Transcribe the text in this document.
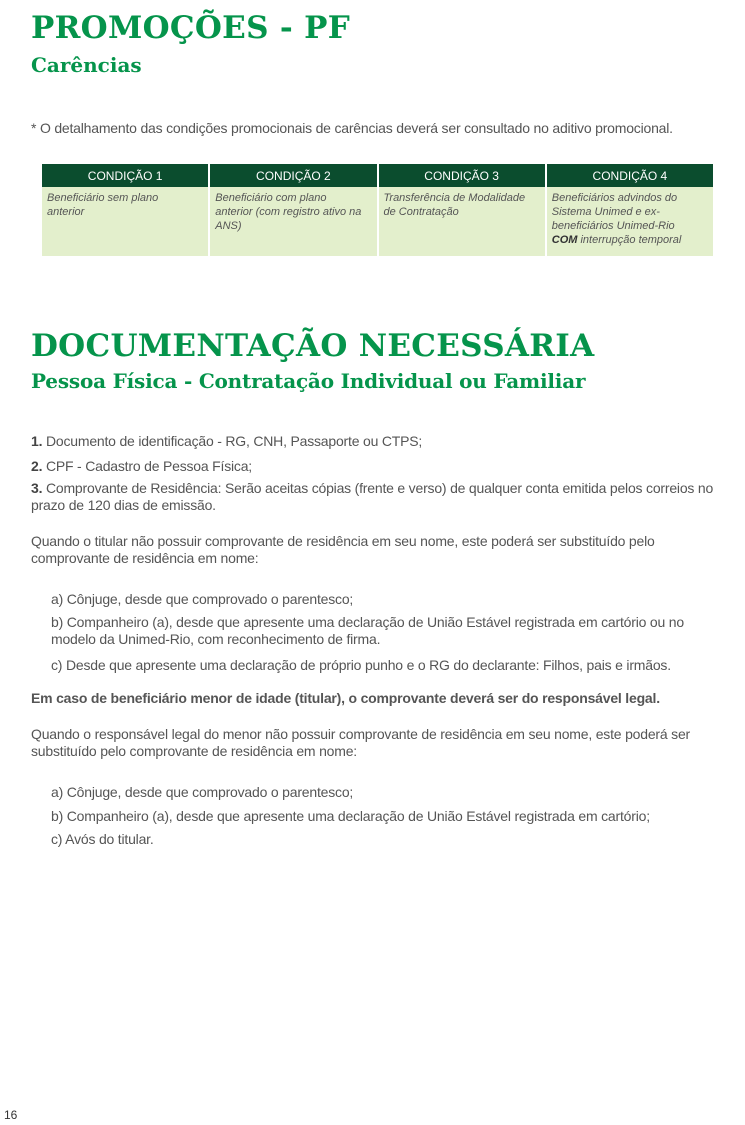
PROMOÇÕES - PF
Carências
* O detalhamento das condições promocionais de carências deverá ser consultado no aditivo promocional.
CONDIÇÃO 1	CONDIÇÃO 2	CONDIÇÃO 3	CONDIÇÃO 4
Beneficiário sem plano anterior	Beneficiário com plano anterior (com registro ativo na ANS)	Transferência de Modalidade de Contratação	Beneficiários advindos do Sistema Unimed e ex-beneficiários Unimed-Rio COM interrupção temporal
DOCUMENTAÇÃO NECESSÁRIA
Pessoa Física - Contratação Individual ou Familiar

1. Documento de identificação - RG, CNH, Passaporte ou CTPS;

2. CPF - Cadastro de Pessoa Física;

3. Comprovante de Residência: Serão aceitas cópias (frente e verso) de qualquer conta emitida pelos correios no prazo de 120 dias de emissão.

Quando o titular não possuir comprovante de residência em seu nome, este poderá ser substituído pelo comprovante de residência em nome:

a) Cônjuge, desde que comprovado o parentesco;

b) Companheiro (a), desde que apresente uma declaração de União Estável registrada em cartório ou no modelo da Unimed-Rio, com reconhecimento de firma.

c) Desde que apresente uma declaração de próprio punho e o RG do declarante: Filhos, pais e irmãos.

Em caso de beneficiário menor de idade (titular), o comprovante deverá ser do responsável legal.

Quando o responsável legal do menor não possuir comprovante de residência em seu nome, este poderá ser substituído pelo comprovante de residência em nome:

a) Cônjuge, desde que comprovado o parentesco;

b) Companheiro (a), desde que apresente uma declaração de União Estável registrada em cartório;

c) Avós do titular.

16
